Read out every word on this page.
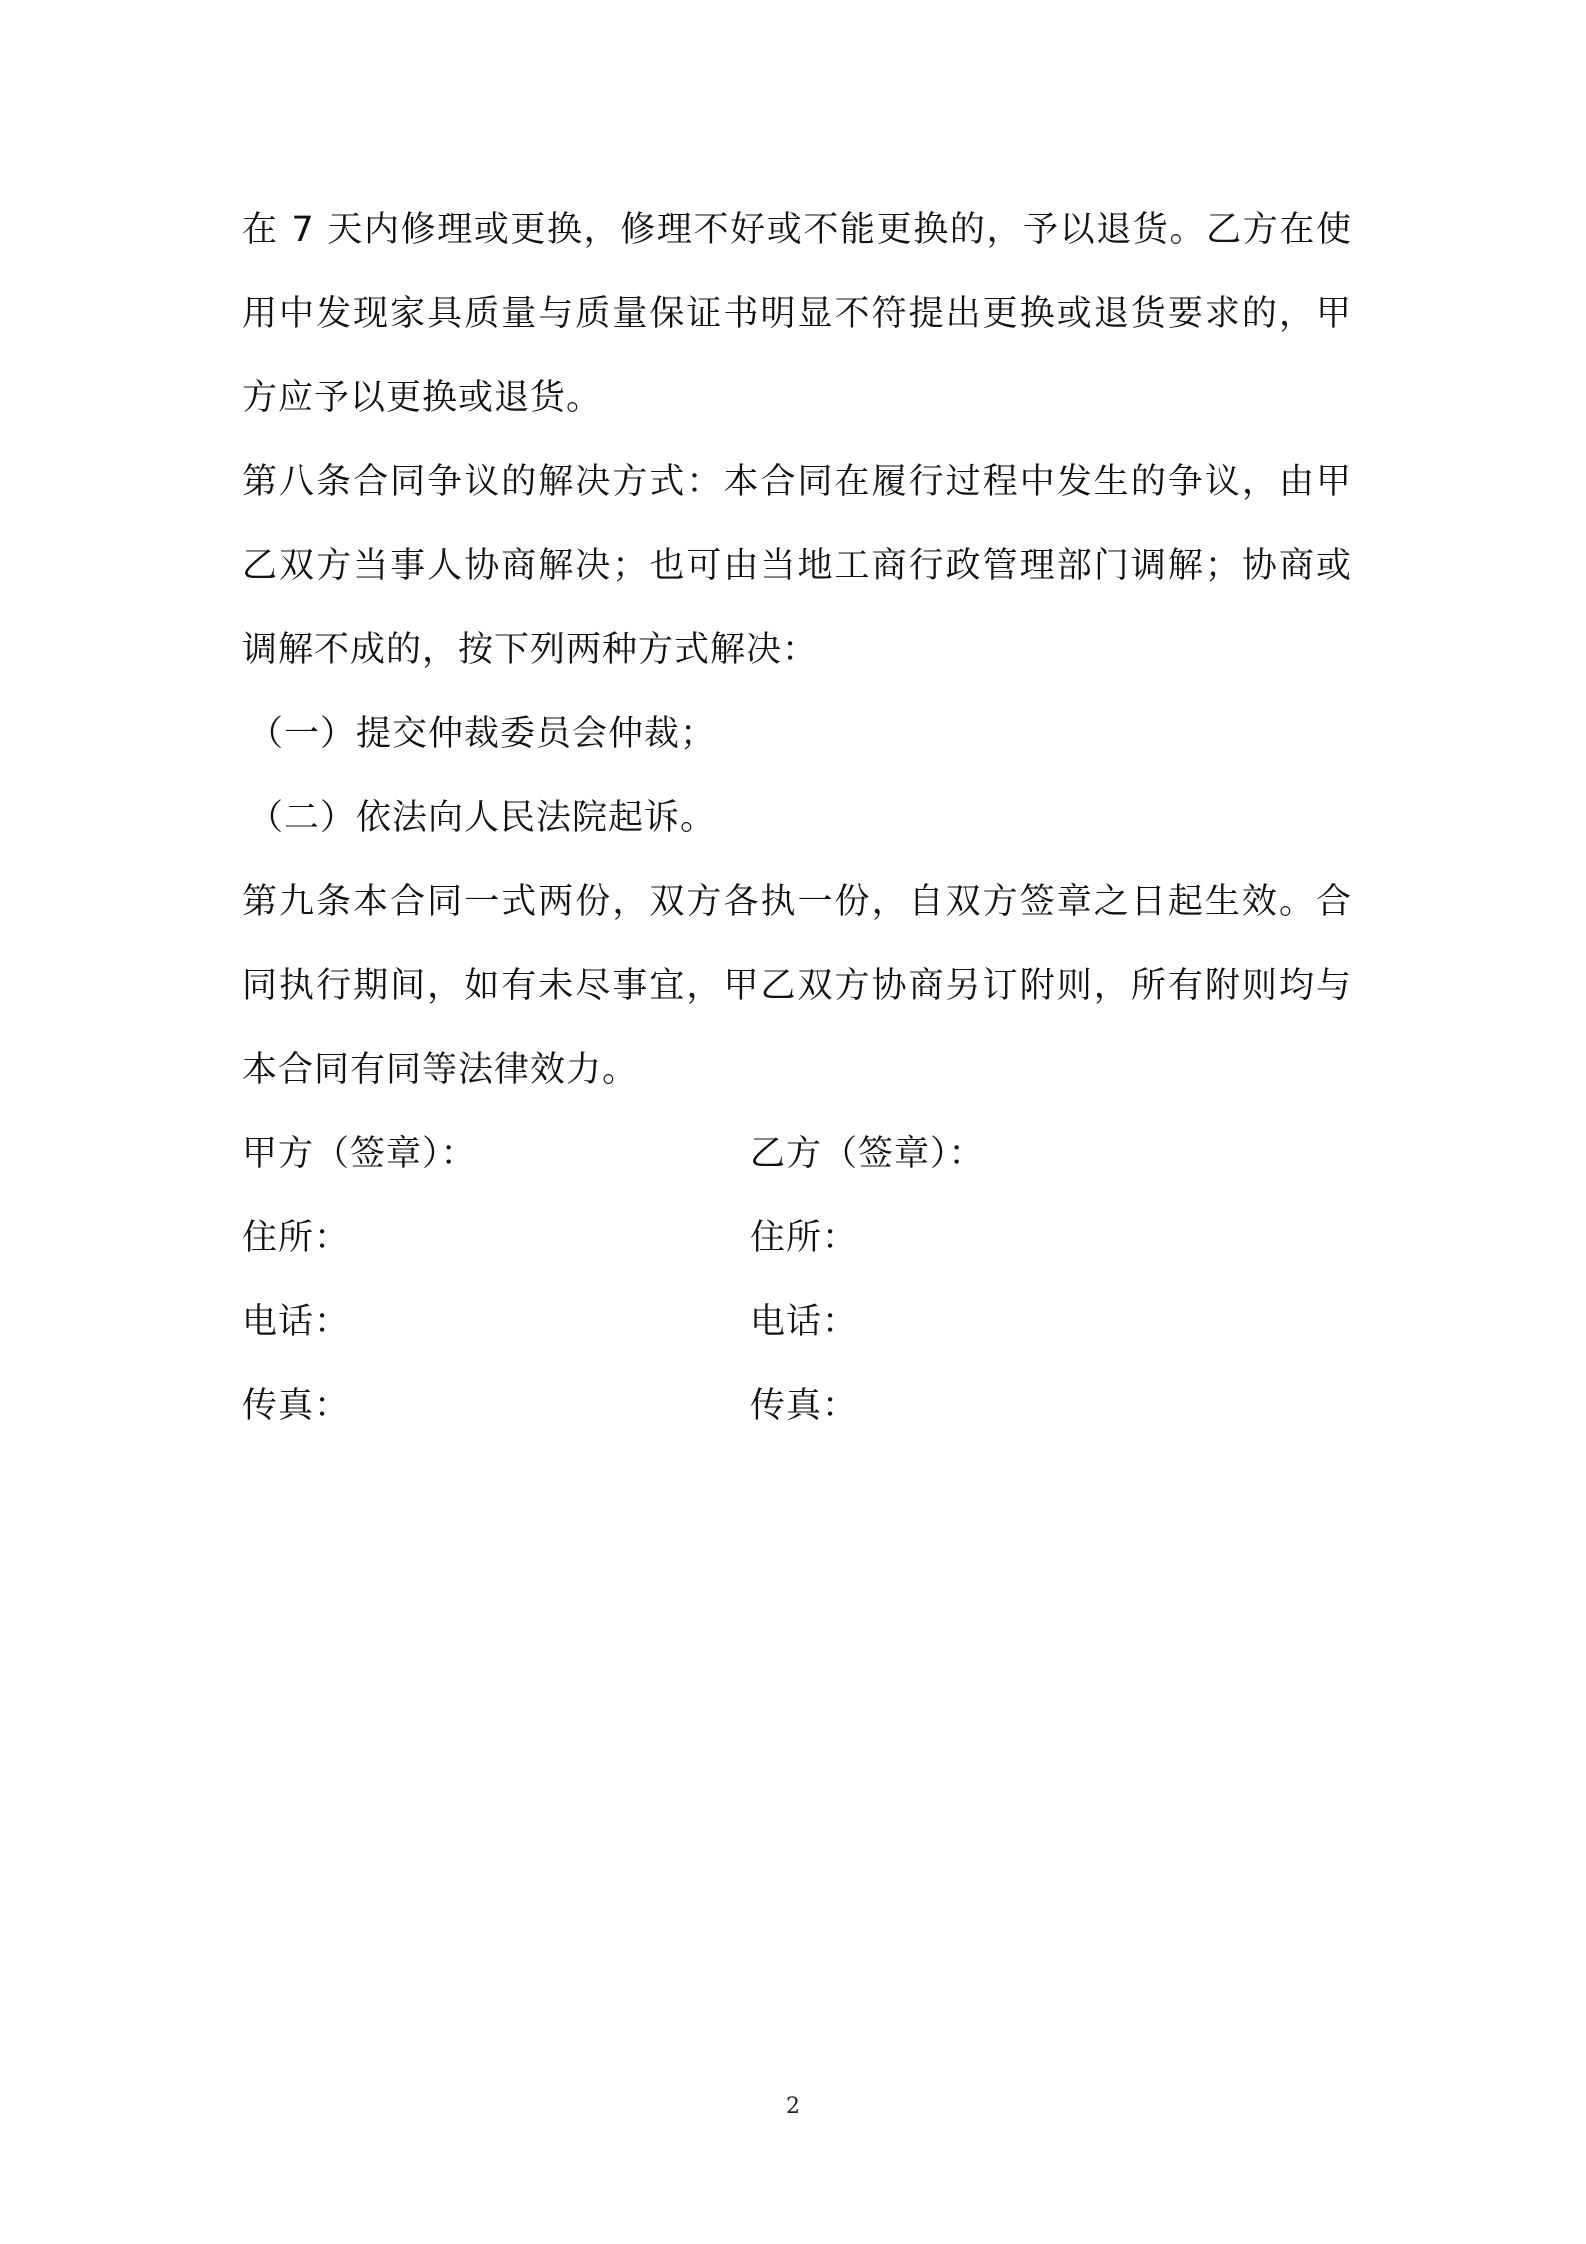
在 7 天内修理或更换，修理不好或不能更换的，予以退货。乙方在使
用中发现家具质量与质量保证书明显不符提出更换或退货要求的，甲
方应予以更换或退货。
第八条合同争议的解决方式：本合同在履行过程中发生的争议，由甲
乙双方当事人协商解决；也可由当地工商行政管理部门调解；协商或
调解不成的，按下列两种方式解决：
（一）提交仲裁委员会仲裁；
（二）依法向人民法院起诉。
第九条本合同一式两份，双方各执一份，自双方签章之日起生效。合
同执行期间，如有未尽事宜，甲乙双方协商另订附则，所有附则均与
本合同有同等法律效力。
甲方（签章）：	乙方（签章）：
住所：	住所：
电话：	电话：
传真：	传真：
2
